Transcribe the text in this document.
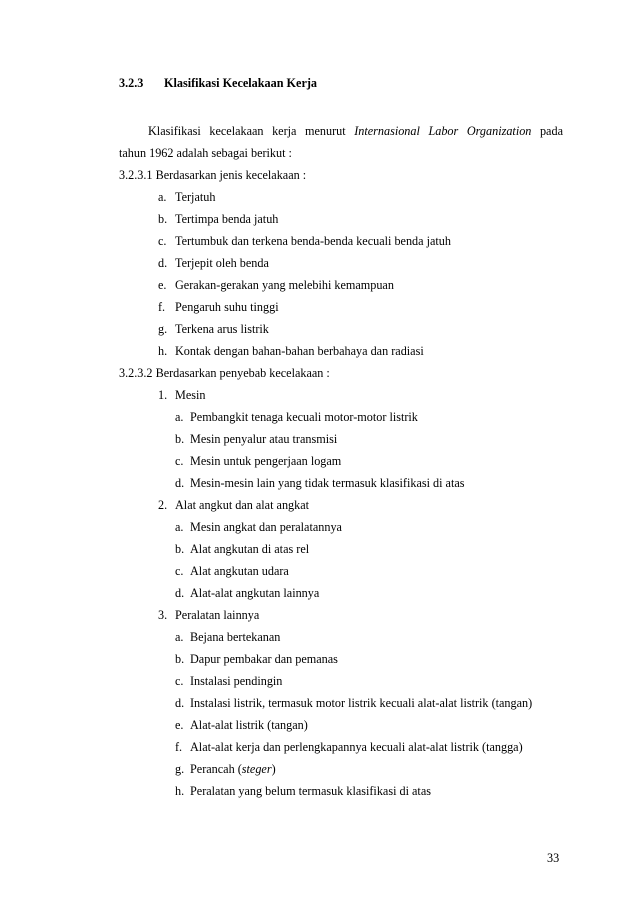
3.2.3 Klasifikasi Kecelakaan Kerja
Klasifikasi kecelakaan kerja menurut Internasional Labor Organization pada
tahun 1962 adalah sebagai berikut :
3.2.3.1 Berdasarkan jenis kecelakaan :
a. Terjatuh
b. Tertimpa benda jatuh
c. Tertumbuk dan terkena benda-benda kecuali benda jatuh
d. Terjepit oleh benda
e. Gerakan-gerakan yang melebihi kemampuan
f. Pengaruh suhu tinggi
g. Terkena arus listrik
h. Kontak dengan bahan-bahan berbahaya dan radiasi
3.2.3.2 Berdasarkan penyebab kecelakaan :
1. Mesin
a. Pembangkit tenaga kecuali motor-motor listrik
b. Mesin penyalur atau transmisi
c. Mesin untuk pengerjaan logam
d. Mesin-mesin lain yang tidak termasuk klasifikasi di atas
2. Alat angkut dan alat angkat
a. Mesin angkat dan peralatannya
b. Alat angkutan di atas rel
c. Alat angkutan udara
d. Alat-alat angkutan lainnya
3. Peralatan lainnya
a. Bejana bertekanan
b. Dapur pembakar dan pemanas
c. Instalasi pendingin
d. Instalasi listrik, termasuk motor listrik kecuali alat-alat listrik (tangan)
e. Alat-alat listrik (tangan)
f. Alat-alat kerja dan perlengkapannya kecuali alat-alat listrik (tangga)
g. Perancah (steger)
h. Peralatan yang belum termasuk klasifikasi di atas
33
